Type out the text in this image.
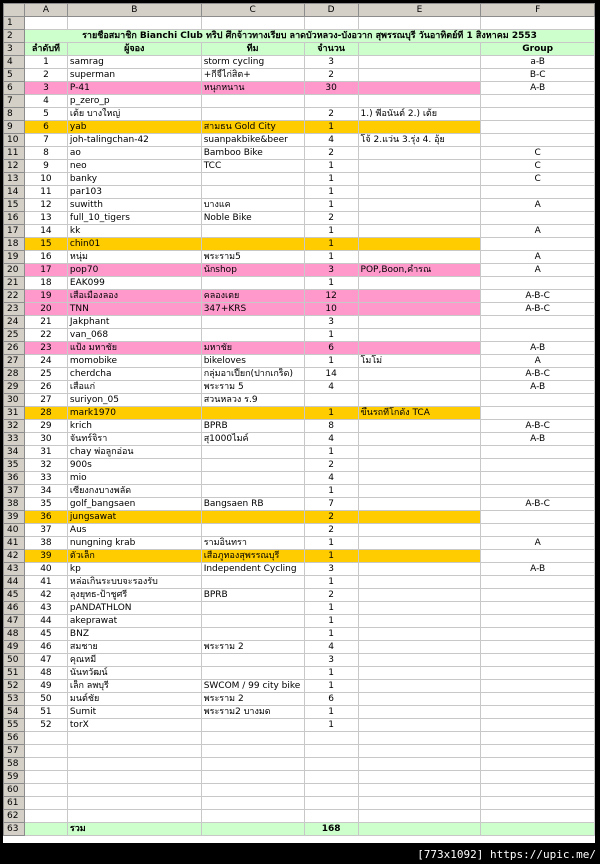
	A	B	C	D	E	F
1						
2	รายชื่อสมาชิก Bianchi Club ทริป ศึกจ้าวทางเรียบ ลาดบัวหลวง-บังอวาก สุพรรณบุรี วันอาทิตย์ที่ 1 สิงหาคม 2553					
3	ลำดับที่	ผู้จอง	ทีม	จำนวน		Group
4	1	samrag	storm cycling	3		a-B
5	2	superman	+กี่จี้ไก่สิต+	2		B-C
6	3	P-41	หนุกหนาน	30		A-B
7	4	p_zero_p				
8	5	เต้ย บางใหญ่		2	1.) พี่อนันต์ 2.) เต้ย	
9	6	yab	สามธน Gold City	1		
10	7	joh-talingchan-42	suanpakbike&beer	4	โจ้ 2.แว่น 3.รุ่ง 4. อุ้ย	
11	8	ao	Bamboo Bike	2		C
12	9	neo	TCC	1		C
13	10	banky		1		C
14	11	par103		1		
15	12	suwitth	บางแค	1		A
16	13	full_10_tigers	Noble Bike	2		
17	14	kk		1		A
18	15	chin01		1		
19	16	หนุ่ม	พระราม5	1		A
20	17	pop70	นักshop	3	POP,Boon,คำรณ	A
21	18	EAK099		1		
22	19	เสือเมืองลอง	คลองเตย	12		A-B-C
23	20	TNN	347+KRS	10		A-B-C
24	21	Jakphant		3		
25	22	van_068		1		
26	23	แป้ง มหาชัย	มหาชัย	6		A-B
27	24	momobike	bikeloves	1	โมโม่	A
28	25	cherdcha	กลุ่มอาเปี๊ยก(ปากเกร็ด)	14		A-B-C
29	26	เสือแก่	พระราม 5	4		A-B
30	27	suriyon_05	สวนหลวง ร.9			
31	28	mark1970		1	ขึ้นรถที่โกดัง TCA	
32	29	krich	BPRB	8		A-B-C
33	30	จันทร์จิรา	สุ1000ไมค์	4		A-B
34	31	chay พ่อลูกอ่อน		1		
35	32	900s		2		
36	33	mio		4		
37	34	เซียงกงบางพลัด		1		
38	35	golf_bangsaen	Bangsaen RB	7		A-B-C
39	36	jungsawat		2		
40	37	Aus		2		
41	38	nungning krab	รามอินทรา	1		A
42	39	ตัวเล็ก	เสือภูทองสุพรรณบุรี	1		
43	40	kp	Independent Cycling	3		A-B
44	41	หล่อเกินระบบจะรองรับ		1		
45	42	ลุงยุทธ-ป้าชูศรี	BPRB	2		
46	43	pANDATHLON		1		
47	44	akeprawat		1		
48	45	BNZ		1		
49	46	สมชาย	พระราม 2	4		
50	47	คุณหมี		3		
51	48	นันทวัฒน์		1		
52	49	เล็ก ลพบุรี	SWCOM / 99 city bike	1		
53	50	มนต์ชัย	พระราม 2	6		
54	51	Sumit	พระราม2 บางมด	1		
55	52	torX		1		
56						
57						
58						
59						
60						
61						
62						
63		รวม		168		
[773x1092] https://upic.me/
